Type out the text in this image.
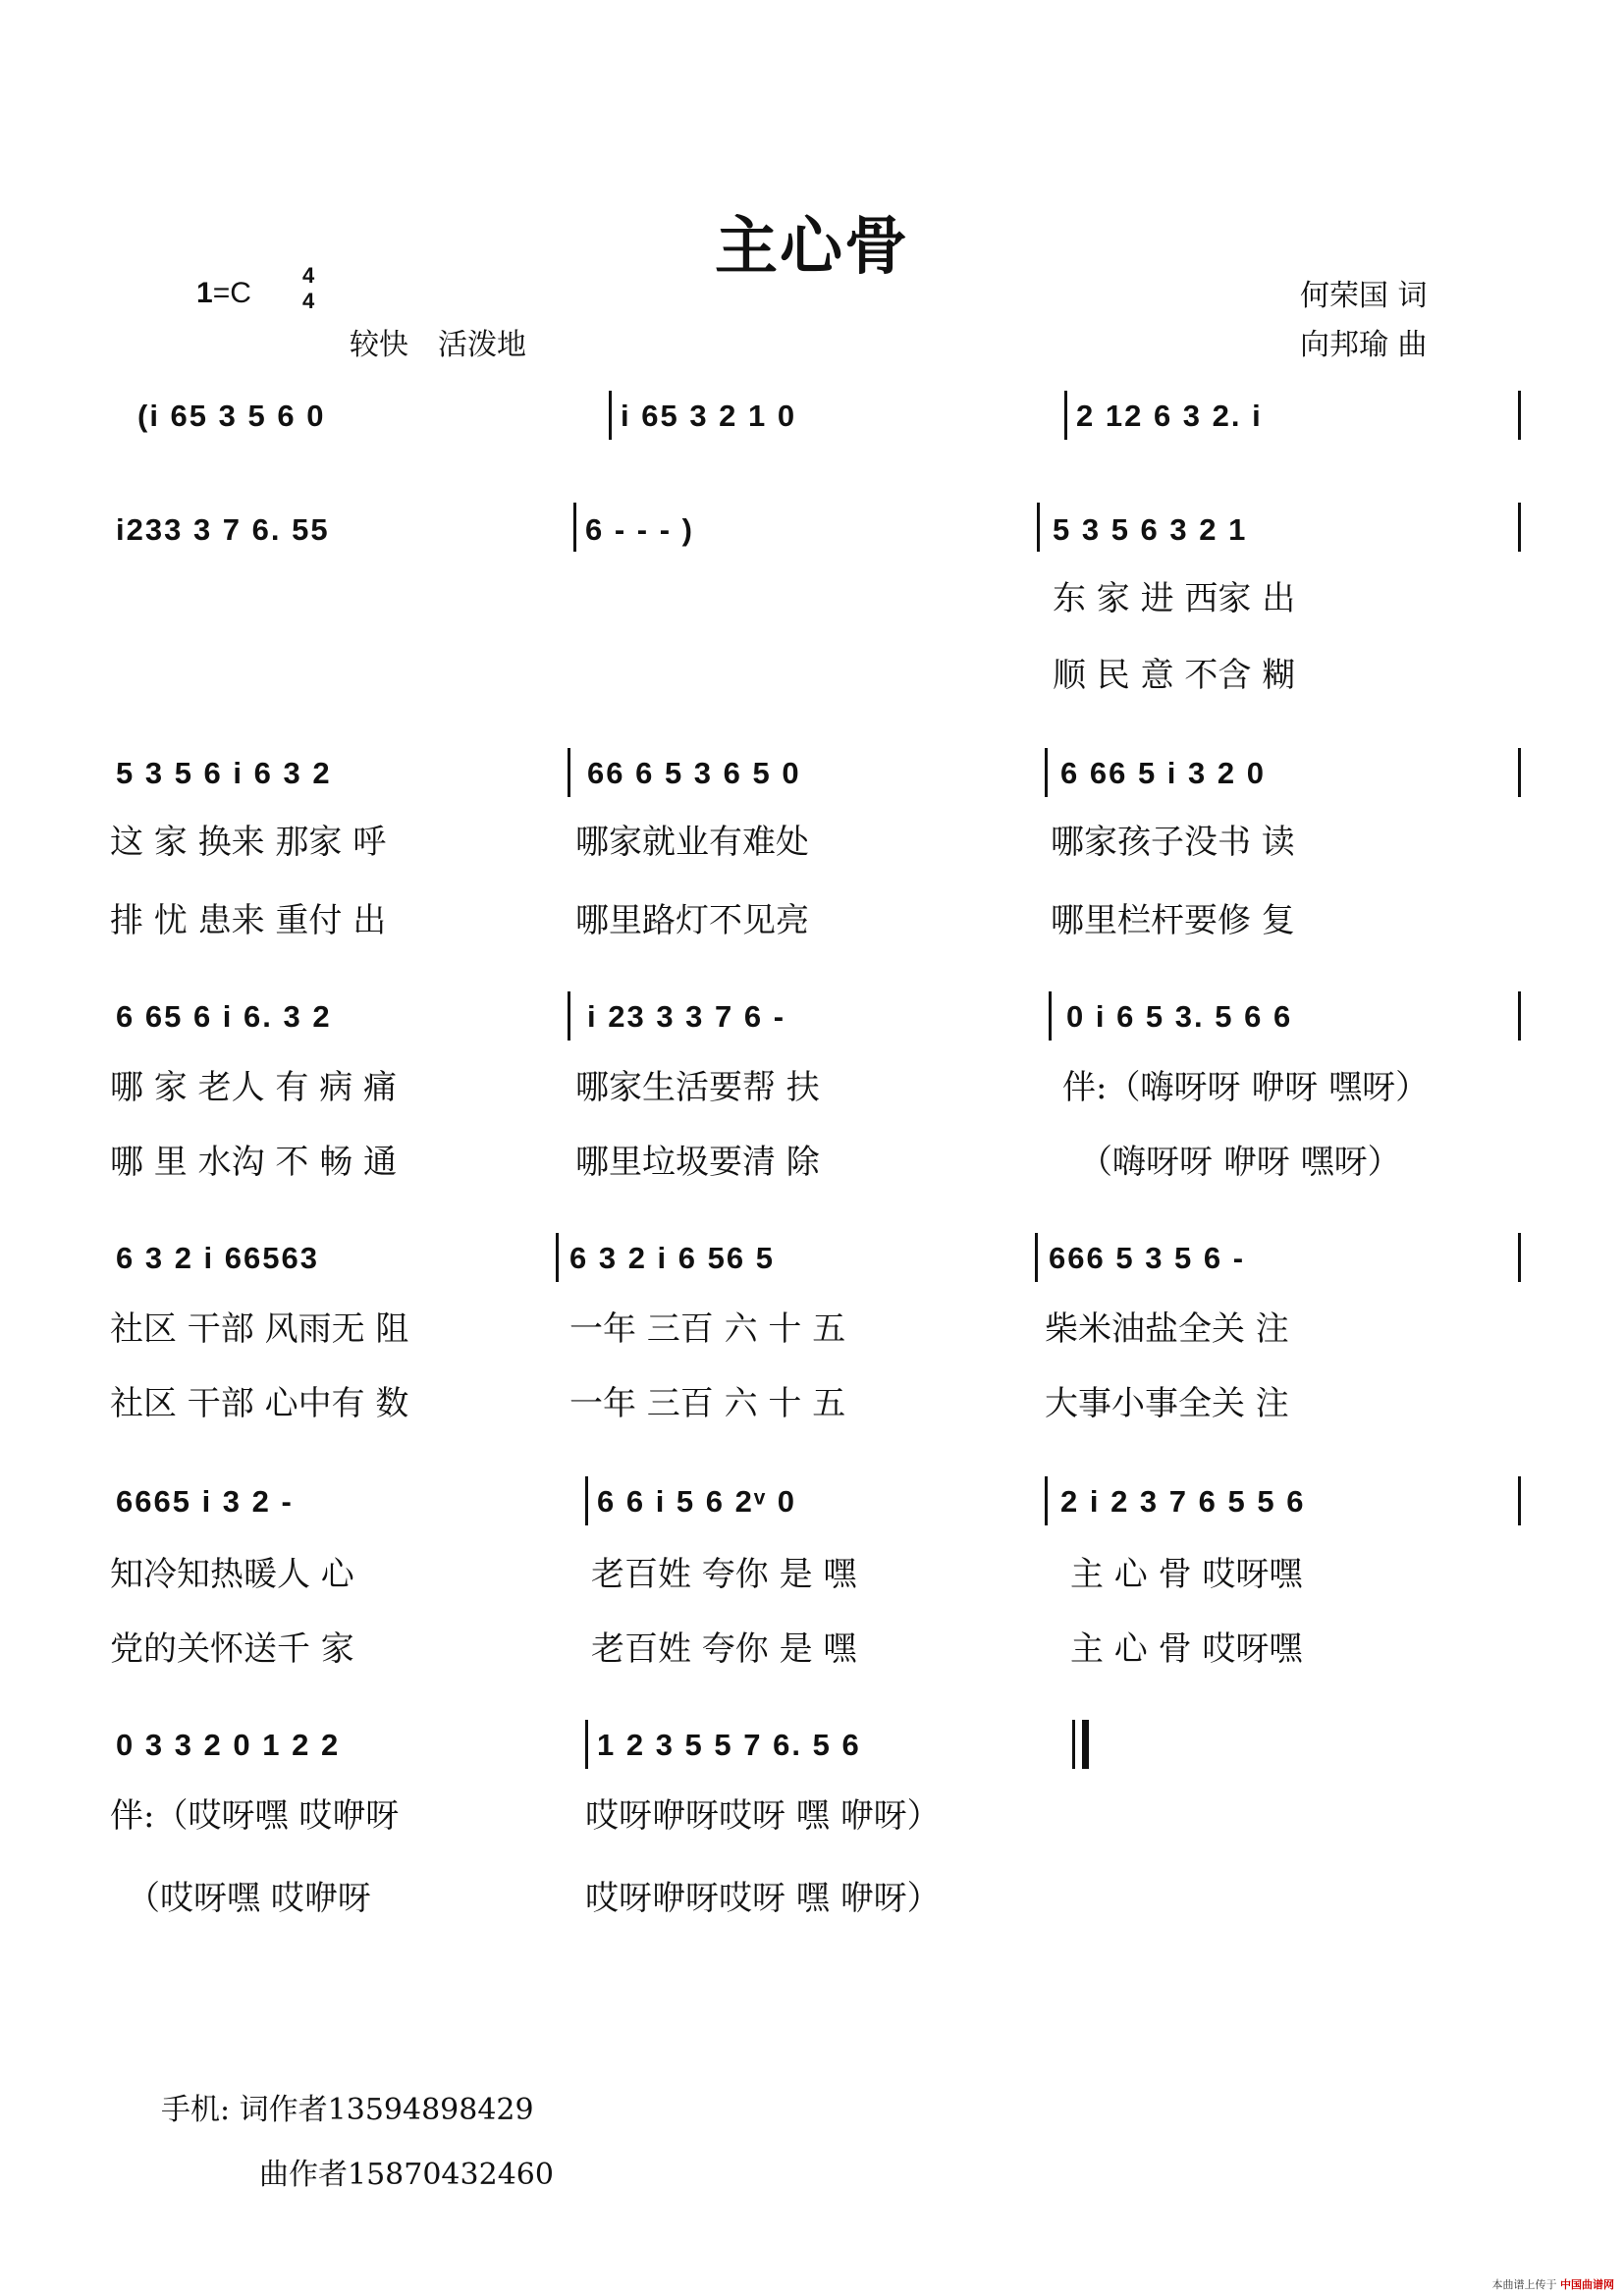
主心骨
1=C
4
4
较快　活泼地
何荣国 词
向邦瑜 曲
(i 65 3 5 6 0	i 65 3 2 1 0	2 12 6 3 2. i
i233 3 7 6. 55	6 - - - )	5 3 5 6 3 2 1
东 家 进 西家 出
顺 民 意 不含 糊
5 3 5 6 i 6 3 2	66 6 5 3 6 5 0	6 66 5 i 3 2 0
这 家 换来 那家 呼	哪家就业有难处	哪家孩子没书 读
排 忧 患来 重付 出	哪里路灯不见亮	哪里栏杆要修 复
6 65 6 i 6. 3 2	i 23 3 3 7 6 -	0 i 6 5 3. 5 6 6
哪 家 老人 有 病 痛	哪家生活要帮 扶	伴:（嗨呀呀 咿呀 嘿呀）
哪 里 水沟 不 畅 通	哪里垃圾要清 除	　（嗨呀呀 咿呀 嘿呀）
6 3 2 i 66563	6 3 2 i 6 56 5	666 5 3 5 6 -
社区 干部 风雨无 阻	一年 三百 六 十 五	柴米油盐全关 注
社区 干部 心中有 数	一年 三百 六 十 五	大事小事全关 注
6665 i 3 2 -	6 6 i 5 6 2ᵛ 0	2 i 2 3 7 6 5 5 6
知冷知热暖人 心	老百姓 夸你 是 嘿	主 心 骨 哎呀嘿
党的关怀送千 家	老百姓 夸你 是 嘿	主 心 骨 哎呀嘿
0 3 3 2 0 1 2 2	1 2 3 5 5 7 6. 5 6
伴:（哎呀嘿 哎咿呀	哎呀咿呀哎呀 嘿 咿呀）
　（哎呀嘿 哎咿呀	哎呀咿呀哎呀 嘿 咿呀）
手机: 词作者13594898429
曲作者15870432460
本曲谱上传于 中国曲谱网
